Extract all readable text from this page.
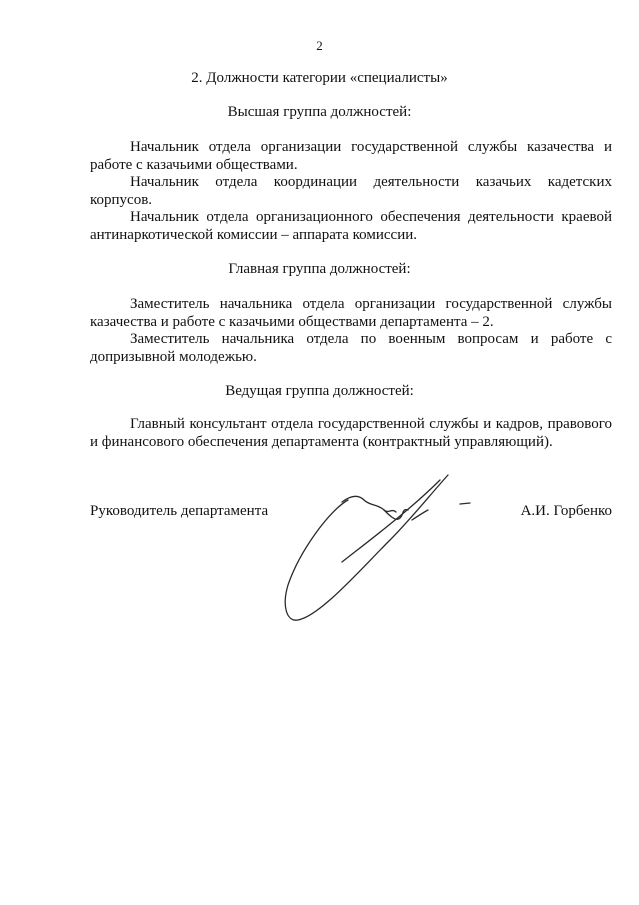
2
2. Должности категории «специалисты»
Высшая группа должностей:

Начальник отдела организации государственной службы казачества и работе с казачьими обществами.

Начальник отдела координации деятельности казачьих кадетских корпусов.

Начальник отдела организационного обеспечения деятельности краевой антинаркотической комиссии – аппарата комиссии.

Главная группа должностей:

Заместитель начальника отдела организации государственной службы казачества и работе с казачьими обществами департамента – 2.

Заместитель начальника отдела по военным вопросам и работе с допризывной молодежью.

Ведущая группа должностей:

Главный консультант отдела государственной службы и кадров, правового и финансового обеспечения департамента (контрактный управляющий).

Руководитель департамента	А.И. Горбенко
